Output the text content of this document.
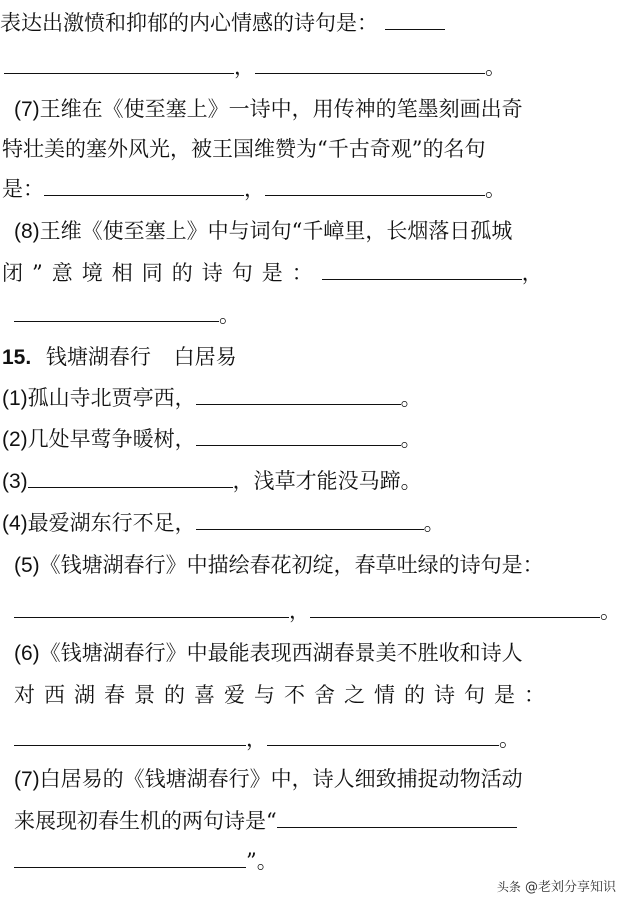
表达出激愤和抑郁的内心情感的诗句是：
，	。
(7)王维在《使至塞上》一诗中，用传神的笔墨刻画出奇
特壮美的塞外风光，被王国维赞为“千古奇观”的名句
是：	，	。
(8)王维《使至塞上》中与词句“千嶂里，长烟落日孤城
闭”意境相同的诗句是：	，
。
15. 钱塘湖春行 白居易
(1)孤山寺北贾亭西，	。
(2)几处早莺争暖树，	。
(3)	，浅草才能没马蹄。
(4)最爱湖东行不足，	。
(5)《钱塘湖春行》中描绘春花初绽，春草吐绿的诗句是：
，	。
(6)《钱塘湖春行》中最能表现西湖春景美不胜收和诗人
对西湖春景的喜爱与不舍之情的诗句是：
，	。
(7)白居易的《钱塘湖春行》中，诗人细致捕捉动物活动
来展现初春生机的两句诗是“
”。
头条 @老刘分享知识
